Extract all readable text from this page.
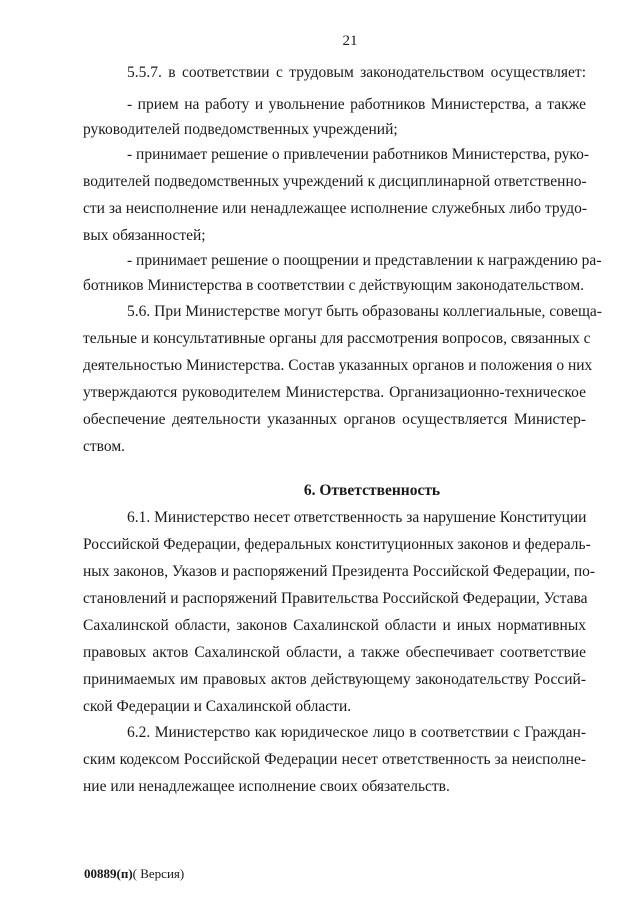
21
5.5.7. в соответствии с трудовым законодательством осуществляет:
- прием на работу и увольнение работников Министерства, а также
руководителей подведомственных учреждений;
- принимает решение о привлечении работников Министерства, руко-
водителей подведомственных учреждений к дисциплинарной ответственно-
сти за неисполнение или ненадлежащее исполнение служебных либо трудо-
вых обязанностей;
- принимает решение о поощрении и представлении к награждению ра-
ботников Министерства в соответствии с действующим законодательством.
5.6. При Министерстве могут быть образованы коллегиальные, совеща-
тельные и консультативные органы для рассмотрения вопросов, связанных с
деятельностью Министерства. Состав указанных органов и положения о них
утверждаются руководителем Министерства. Организационно-техническое
обеспечение деятельности указанных органов осуществляется Министер-
ством.
6. Ответственность
6.1. Министерство несет ответственность за нарушение Конституции
Российской Федерации, федеральных конституционных законов и федераль-
ных законов, Указов и распоряжений Президента Российской Федерации, по-
становлений и распоряжений Правительства Российской Федерации, Устава
Сахалинской области, законов Сахалинской области и иных нормативных
правовых актов Сахалинской области, а также обеспечивает соответствие
принимаемых им правовых актов действующему законодательству Россий-
ской Федерации и Сахалинской области.
6.2. Министерство как юридическое лицо в соответствии с Граждан-
ским кодексом Российской Федерации несет ответственность за неисполне-
ние или ненадлежащее исполнение своих обязательств.
00889(п)( Версия)
